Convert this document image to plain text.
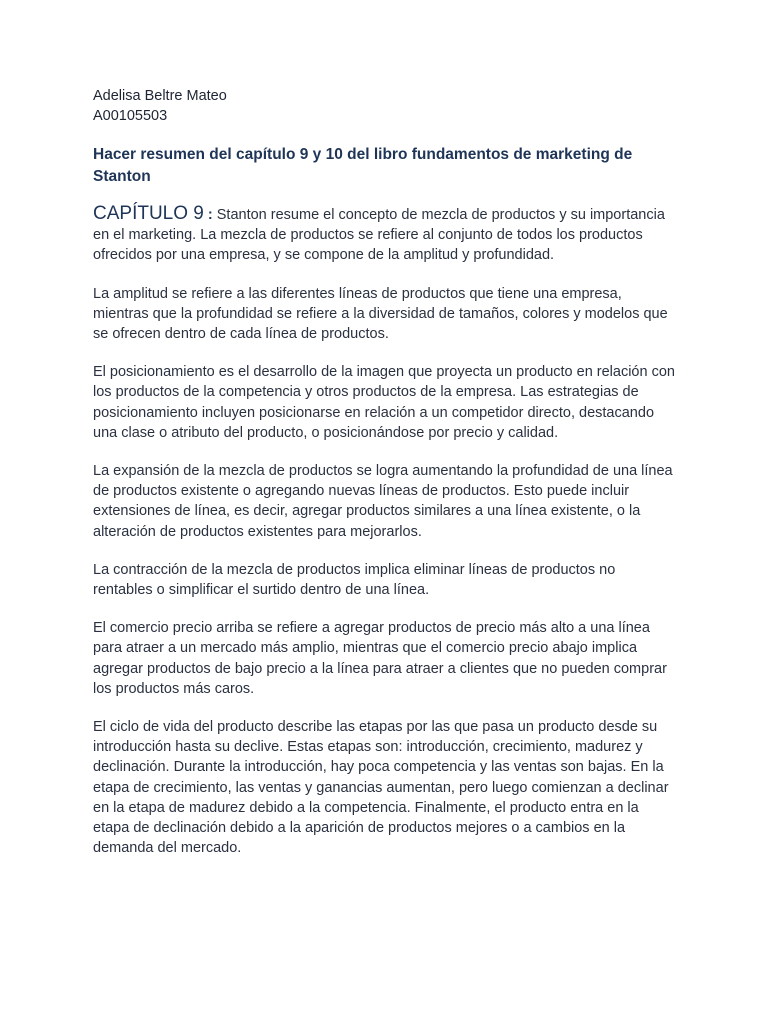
Adelisa Beltre Mateo
A00105503
Hacer resumen del capítulo 9 y 10 del libro fundamentos de marketing de Stanton

CAPÍTULO 9 : Stanton resume el concepto de mezcla de productos y su importancia en el marketing. La mezcla de productos se refiere al conjunto de todos los productos ofrecidos por una empresa, y se compone de la amplitud y profundidad.

La amplitud se refiere a las diferentes líneas de productos que tiene una empresa, mientras que la profundidad se refiere a la diversidad de tamaños, colores y modelos que se ofrecen dentro de cada línea de productos.

El posicionamiento es el desarrollo de la imagen que proyecta un producto en relación con los productos de la competencia y otros productos de la empresa. Las estrategias de posicionamiento incluyen posicionarse en relación a un competidor directo, destacando una clase o atributo del producto, o posicionándose por precio y calidad.

La expansión de la mezcla de productos se logra aumentando la profundidad de una línea de productos existente o agregando nuevas líneas de productos. Esto puede incluir extensiones de línea, es decir, agregar productos similares a una línea existente, o la alteración de productos existentes para mejorarlos.

La contracción de la mezcla de productos implica eliminar líneas de productos no rentables o simplificar el surtido dentro de una línea.

El comercio precio arriba se refiere a agregar productos de precio más alto a una línea para atraer a un mercado más amplio, mientras que el comercio precio abajo implica agregar productos de bajo precio a la línea para atraer a clientes que no pueden comprar los productos más caros.

El ciclo de vida del producto describe las etapas por las que pasa un producto desde su introducción hasta su declive. Estas etapas son: introducción, crecimiento, madurez y declinación. Durante la introducción, hay poca competencia y las ventas son bajas. En la etapa de crecimiento, las ventas y ganancias aumentan, pero luego comienzan a declinar en la etapa de madurez debido a la competencia. Finalmente, el producto entra en la etapa de declinación debido a la aparición de productos mejores o a cambios en la demanda del mercado.
